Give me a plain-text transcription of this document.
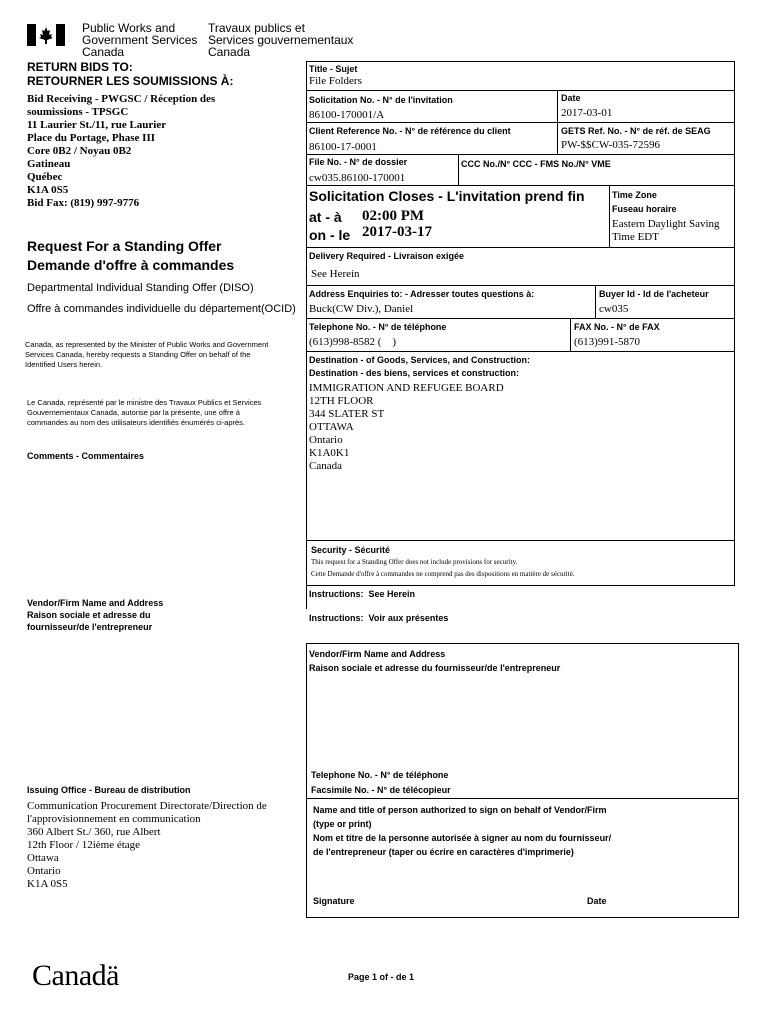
Public Works and
Government Services
Canada
Travaux publics et
Services gouvernementaux
Canada
RETURN BIDS TO:
RETOURNER LES SOUMISSIONS À:
Bid Receiving - PWGSC / Réception des
soumissions - TPSGC
11 Laurier St./11, rue Laurier
Place du Portage, Phase III
Core 0B2 / Noyau 0B2
Gatineau
Québec
K1A 0S5
Bid Fax: (819) 997-9776
Request For a Standing Offer
Demande d'offre à commandes
Departmental Individual Standing Offer (DISO)
Offre à commandes individuelle du département(OCID)
Canada, as represented by the Minister of Public Works and Government Services Canada, hereby requests a Standing Offer on behalf of the Identified Users herein.
Le Canada, représenté par le ministre des Travaux Publics et Services Gouvernementaux Canada, autorise par la présente, une offre à commandes au nom des utilisateurs identifiés énumérés ci-après.
Comments - Commentaires
Vendor/Firm Name and Address
Raison sociale et adresse du
fournisseur/de l'entrepreneur
Issuing Office - Bureau de distribution
Communication Procurement Directorate/Direction de
l'approvisionnement en communication
360 Albert St./ 360, rue Albert
12th Floor / 12ième étage
Ottawa
Ontario
K1A 0S5
Title - Sujet
File Folders
Solicitation No. - N° de l'invitation
86100-170001/A
Date
2017-03-01
Client Reference No. - N° de référence du client
86100-17-0001
GETS Ref. No. - N° de réf. de SEAG
PW-$$CW-035-72596
File No. - N° de dossier
cw035.86100-170001
CCC No./N° CCC - FMS No./N° VME
Solicitation Closes - L'invitation prend fin
at - à 02:00 PM
on - le 2017-03-17
Time Zone
Fuseau horaire
Eastern Daylight Saving
Time EDT
Delivery Required - Livraison exigée
See Herein
Address Enquiries to: - Adresser toutes questions à:
Buck(CW Div.), Daniel
Buyer Id - Id de l'acheteur
cw035
Telephone No. - N° de téléphone
(613)998-8582 (    )
FAX No. - N° de FAX
(613)991-5870
Destination - of Goods, Services, and Construction:
Destination - des biens, services et construction:
IMMIGRATION AND REFUGEE BOARD
12TH FLOOR
344 SLATER ST
OTTAWA
Ontario
K1A0K1
Canada
Security - Sécurité
This request for a Standing Offer does not include provisions for security.
Cette Demande d'offre à commandes ne comprend pas des dispositions en matière de sécurité.
Instructions:  See Herein
Instructions:  Voir aux présentes
Vendor/Firm Name and Address
Raison sociale et adresse du fournisseur/de l'entrepreneur
Telephone No. - N° de téléphone
Facsimile No. - N° de télécopieur
Name and title of person authorized to sign on behalf of Vendor/Firm
(type or print)
Nom et titre de la personne autorisée à signer au nom du fournisseur/
de l'entrepreneur (taper ou écrire en caractères d'imprimerie)
Signature	Date
Canadä	Page 1 of - de 1
